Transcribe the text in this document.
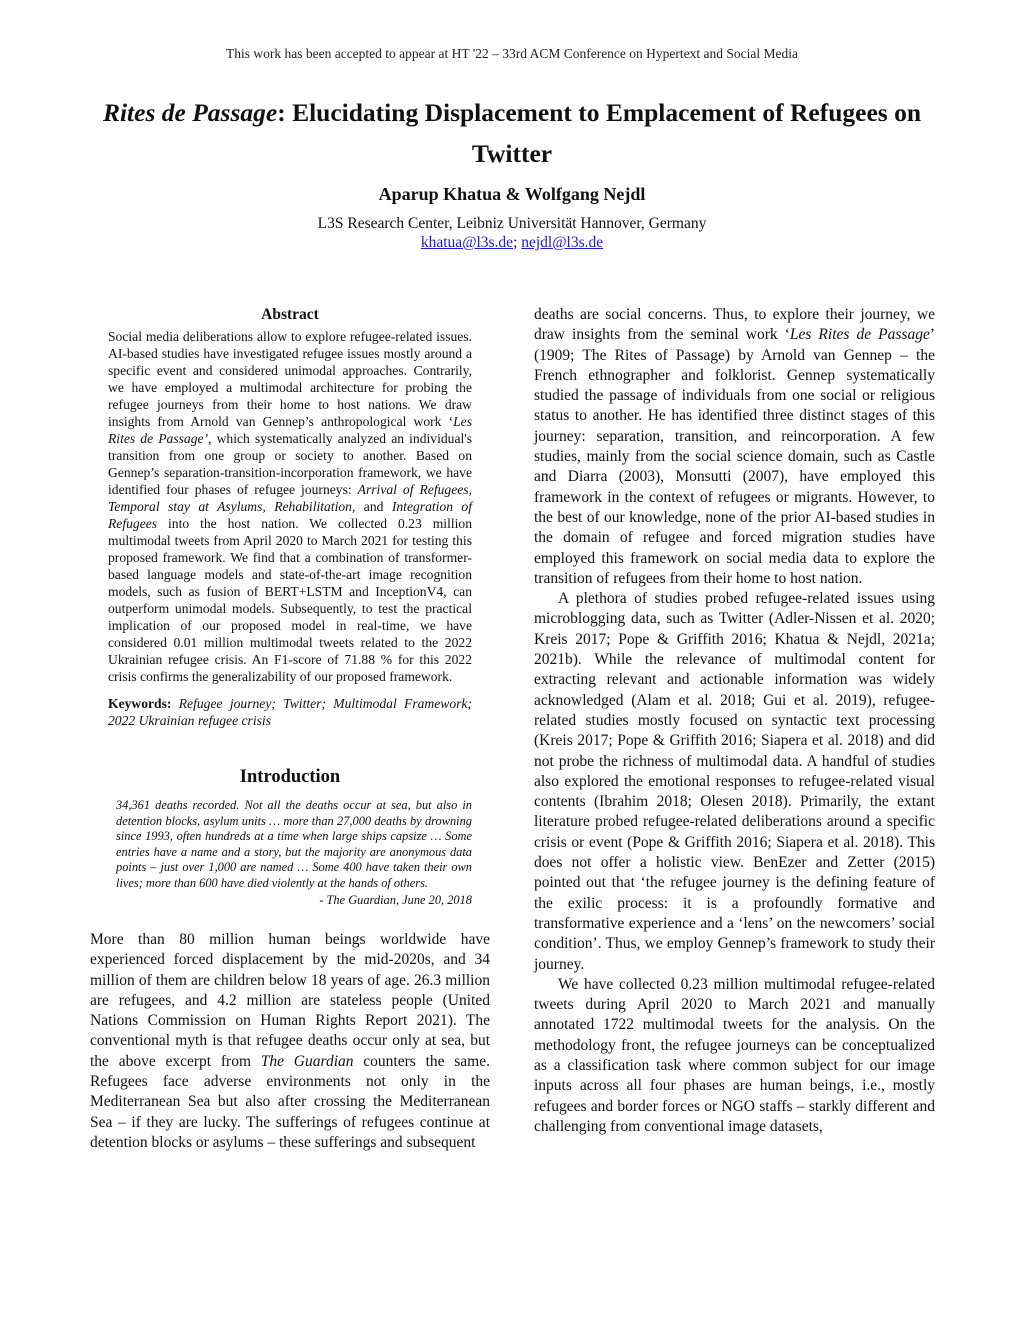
This work has been accepted to appear at HT '22 – 33rd ACM Conference on Hypertext and Social Media
Rites de Passage: Elucidating Displacement to Emplacement of Refugees on Twitter
Aparup Khatua & Wolfgang Nejdl
L3S Research Center, Leibniz Universität Hannover, Germany
khatua@l3s.de; nejdl@l3s.de
Abstract

Social media deliberations allow to explore refugee-related issues. AI-based studies have investigated refugee issues mostly around a specific event and considered unimodal approaches. Contrarily, we have employed a multimodal architecture for probing the refugee journeys from their home to host nations. We draw insights from Arnold van Gennep’s anthropological work ‘Les Rites de Passage’, which systematically analyzed an individual's transition from one group or society to another. Based on Gennep’s separation-transition-incorporation framework, we have identified four phases of refugee journeys: Arrival of Refugees, Temporal stay at Asylums, Rehabilitation, and Integration of Refugees into the host nation. We collected 0.23 million multimodal tweets from April 2020 to March 2021 for testing this proposed framework. We find that a combination of transformer-based language models and state-of-the-art image recognition models, such as fusion of BERT+LSTM and InceptionV4, can outperform unimodal models. Subsequently, to test the practical implication of our proposed model in real-time, we have considered 0.01 million multimodal tweets related to the 2022 Ukrainian refugee crisis. An F1-score of 71.88 % for this 2022 crisis confirms the generalizability of our proposed framework.

Keywords: Refugee journey; Twitter; Multimodal Framework; 2022 Ukrainian refugee crisis

Introduction

34,361 deaths recorded. Not all the deaths occur at sea, but also in detention blocks, asylum units … more than 27,000 deaths by drowning since 1993, often hundreds at a time when large ships capsize … Some entries have a name and a story, but the majority are anonymous data points – just over 1,000 are named … Some 400 have taken their own lives; more than 600 have died violently at the hands of others.

- The Guardian, June 20, 2018

More than 80 million human beings worldwide have experienced forced displacement by the mid-2020s, and 34 million of them are children below 18 years of age. 26.3 million are refugees, and 4.2 million are stateless people (United Nations Commission on Human Rights Report 2021). The conventional myth is that refugee deaths occur only at sea, but the above excerpt from The Guardian counters the same. Refugees face adverse environments not only in the Mediterranean Sea but also after crossing the Mediterranean Sea – if they are lucky. The sufferings of refugees continue at detention blocks or asylums – these sufferings and subsequent

deaths are social concerns. Thus, to explore their journey, we draw insights from the seminal work ‘Les Rites de Passage’ (1909; The Rites of Passage) by Arnold van Gennep – the French ethnographer and folklorist. Gennep systematically studied the passage of individuals from one social or religious status to another. He has identified three distinct stages of this journey: separation, transition, and reincorporation. A few studies, mainly from the social science domain, such as Castle and Diarra (2003), Monsutti (2007), have employed this framework in the context of refugees or migrants. However, to the best of our knowledge, none of the prior AI-based studies in the domain of refugee and forced migration studies have employed this framework on social media data to explore the transition of refugees from their home to host nation.

A plethora of studies probed refugee-related issues using microblogging data, such as Twitter (Adler-Nissen et al. 2020; Kreis 2017; Pope & Griffith 2016; Khatua & Nejdl, 2021a; 2021b). While the relevance of multimodal content for extracting relevant and actionable information was widely acknowledged (Alam et al. 2018; Gui et al. 2019), refugee-related studies mostly focused on syntactic text processing (Kreis 2017; Pope & Griffith 2016; Siapera et al. 2018) and did not probe the richness of multimodal data. A handful of studies also explored the emotional responses to refugee-related visual contents (Ibrahim 2018; Olesen 2018). Primarily, the extant literature probed refugee-related deliberations around a specific crisis or event (Pope & Griffith 2016; Siapera et al. 2018). This does not offer a holistic view. BenEzer and Zetter (2015) pointed out that ‘the refugee journey is the defining feature of the exilic process: it is a profoundly formative and transformative experience and a ‘lens’ on the newcomers’ social condition’. Thus, we employ Gennep’s framework to study their journey.

We have collected 0.23 million multimodal refugee-related tweets during April 2020 to March 2021 and manually annotated 1722 multimodal tweets for the analysis. On the methodology front, the refugee journeys can be conceptualized as a classification task where common subject for our image inputs across all four phases are human beings, i.e., mostly refugees and border forces or NGO staffs – starkly different and challenging from conventional image datasets,
